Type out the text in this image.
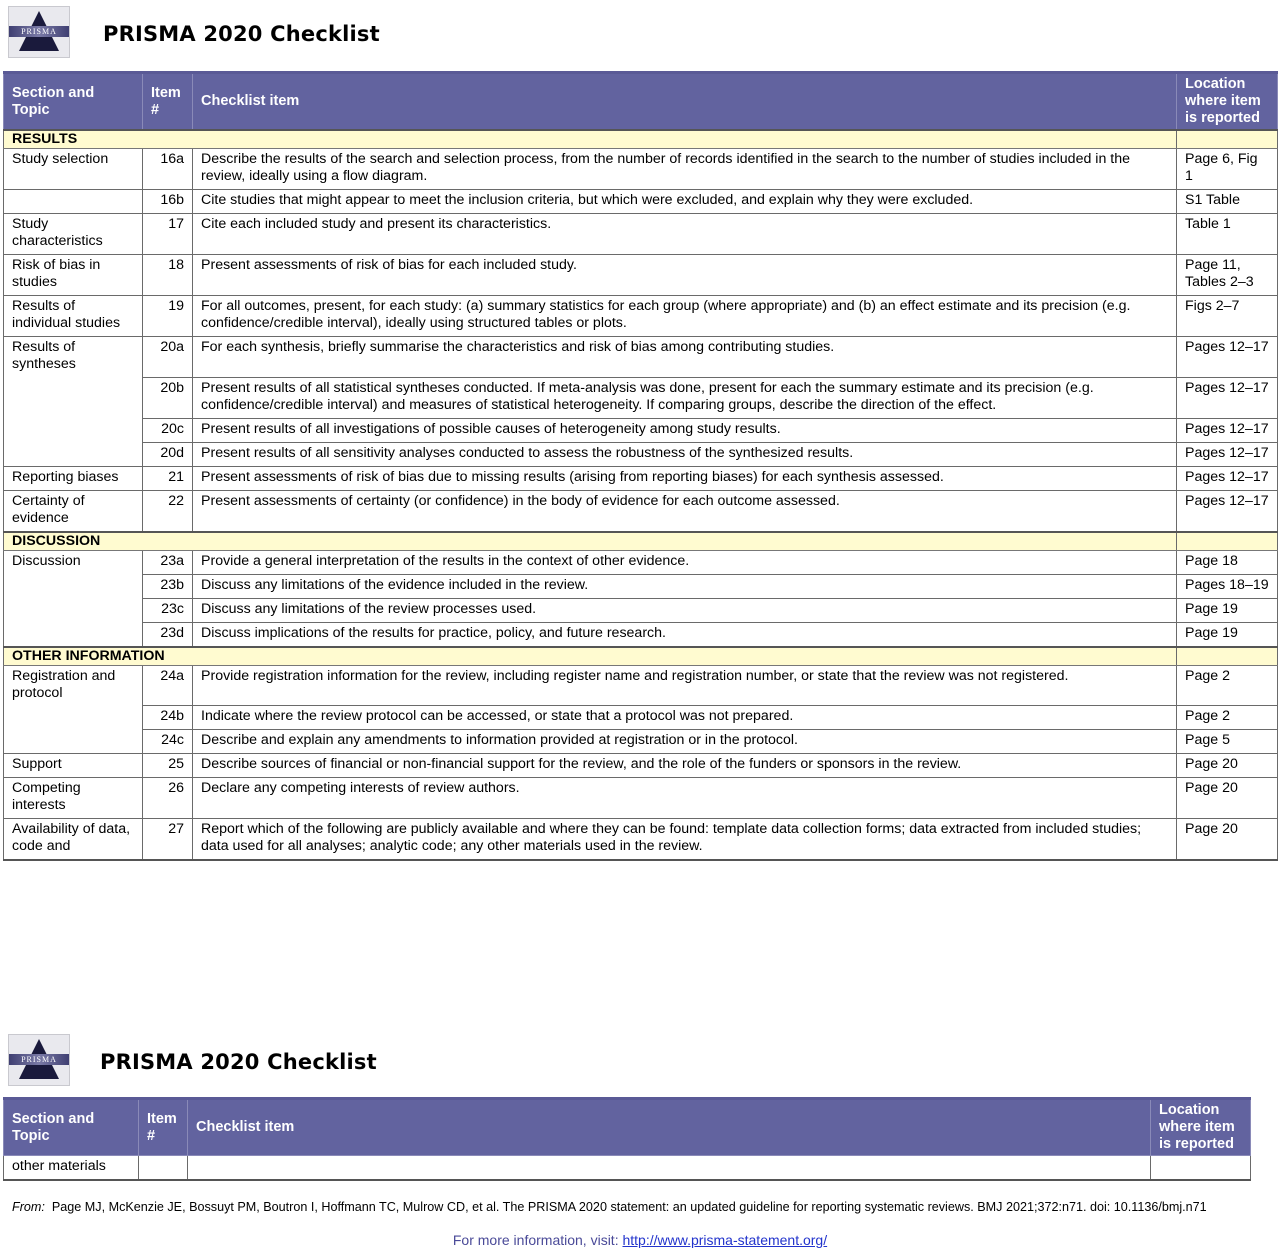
PRISMA	PRISMA 2020 Checklist
Section and Topic	Item #	Checklist item	Location where item is reported
RESULTS			
Study selection	16a	Describe the results of the search and selection process, from the number of records identified in the search to the number of studies included in the review, ideally using a flow diagram.	Page 6, Fig 1
	16b	Cite studies that might appear to meet the inclusion criteria, but which were excluded, and explain why they were excluded.	S1 Table
Study characteristics	17	Cite each included study and present its characteristics.	Table 1
Risk of bias in studies	18	Present assessments of risk of bias for each included study.	Page 11, Tables 2–3
Results of individual studies	19	For all outcomes, present, for each study: (a) summary statistics for each group (where appropriate) and (b) an effect estimate and its precision (e.g. confidence/credible interval), ideally using structured tables or plots.	Figs 2–7
Results of syntheses	20a	For each synthesis, briefly summarise the characteristics and risk of bias among contributing studies.	Pages 12–17
	20b	Present results of all statistical syntheses conducted. If meta-analysis was done, present for each the summary estimate and its precision (e.g. confidence/credible interval) and measures of statistical heterogeneity. If comparing groups, describe the direction of the effect.	Pages 12–17
	20c	Present results of all investigations of possible causes of heterogeneity among study results.	Pages 12–17
	20d	Present results of all sensitivity analyses conducted to assess the robustness of the synthesized results.	Pages 12–17
Reporting biases	21	Present assessments of risk of bias due to missing results (arising from reporting biases) for each synthesis assessed.	Pages 12–17
Certainty of evidence	22	Present assessments of certainty (or confidence) in the body of evidence for each outcome assessed.	Pages 12–17
DISCUSSION			
Discussion	23a	Provide a general interpretation of the results in the context of other evidence.	Page 18
	23b	Discuss any limitations of the evidence included in the review.	Pages 18–19
	23c	Discuss any limitations of the review processes used.	Page 19
	23d	Discuss implications of the results for practice, policy, and future research.	Page 19
OTHER INFORMATION			
Registration and protocol	24a	Provide registration information for the review, including register name and registration number, or state that the review was not registered.	Page 2
	24b	Indicate where the review protocol can be accessed, or state that a protocol was not prepared.	Page 2
	24c	Describe and explain any amendments to information provided at registration or in the protocol.	Page 5
Support	25	Describe sources of financial or non-financial support for the review, and the role of the funders or sponsors in the review.	Page 20
Competing interests	26	Declare any competing interests of review authors.	Page 20
Availability of data, code and	27	Report which of the following are publicly available and where they can be found: template data collection forms; data extracted from included studies; data used for all analyses; analytic code; any other materials used in the review.	Page 20
PRISMA	PRISMA 2020 Checklist
Section and Topic	Item #	Checklist item	Location where item is reported
other materials			
From: Page MJ, McKenzie JE, Bossuyt PM, Boutron I, Hoffmann TC, Mulrow CD, et al. The PRISMA 2020 statement: an updated guideline for reporting systematic reviews. BMJ 2021;372:n71. doi: 10.1136/bmj.n71
For more information, visit: http://www.prisma-statement.org/
